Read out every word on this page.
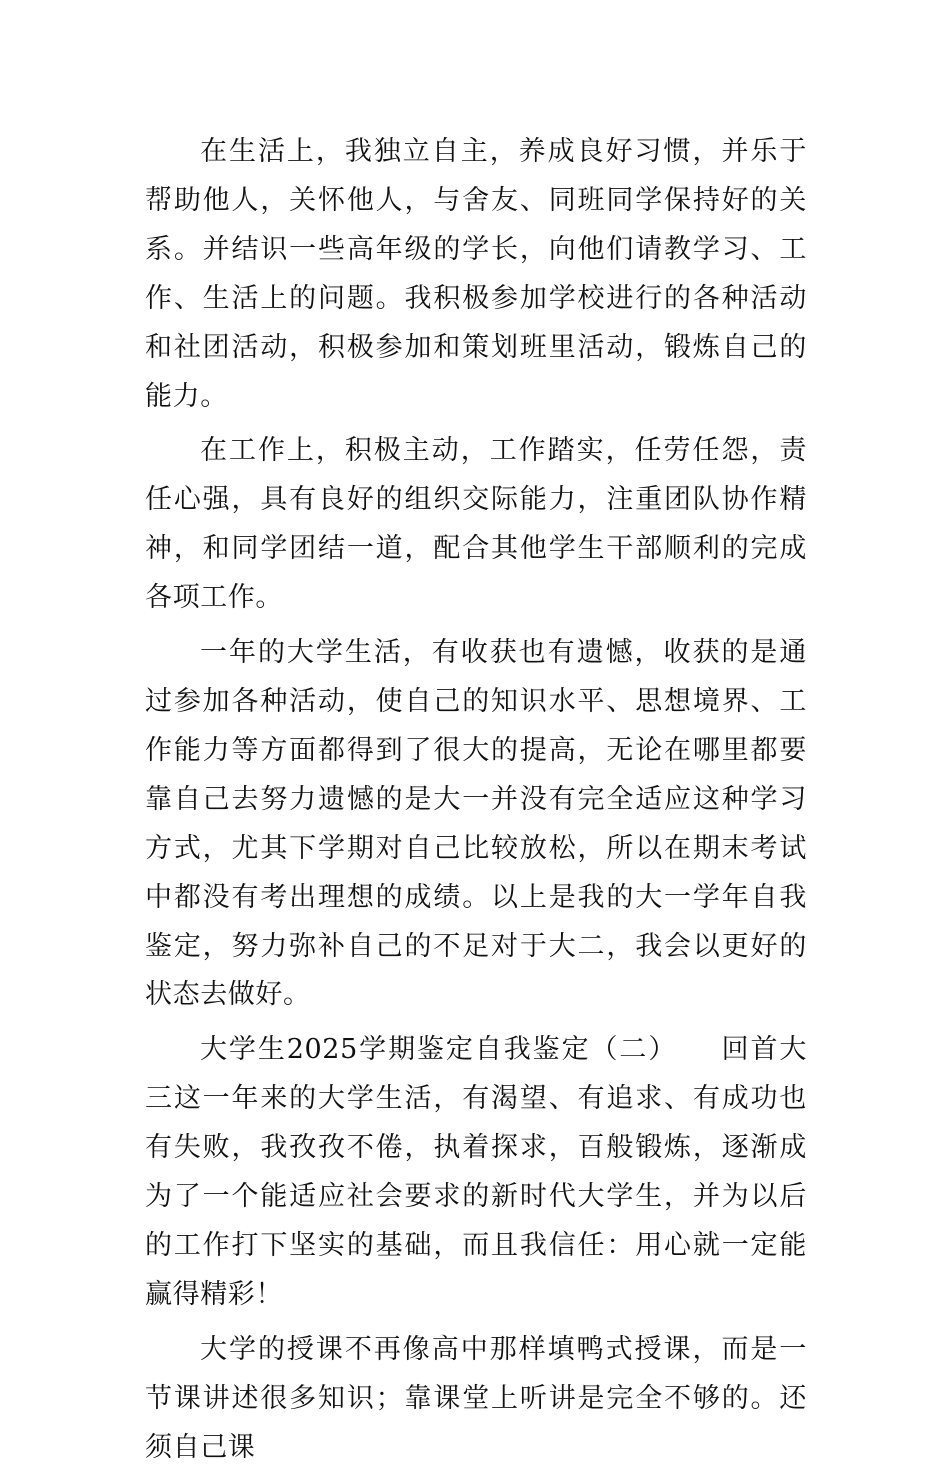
在生活上，我独立自主，养成良好习惯，并乐于帮助他人，关怀他人，与舍友、同班同学保持好的关系。并结识一些高年级的学长，向他们请教学习、工作、生活上的问题。我积极参加学校进行的各种活动和社团活动，积极参加和策划班里活动，锻炼自己的能力。

在工作上，积极主动，工作踏实，任劳任怨，责任心强，具有良好的组织交际能力，注重团队协作精神，和同学团结一道，配合其他学生干部顺利的完成各项工作。

一年的大学生活，有收获也有遗憾，收获的是通过参加各种活动，使自己的知识水平、思想境界、工作能力等方面都得到了很大的提高，无论在哪里都要靠自己去努力遗憾的是大一并没有完全适应这种学习方式，尤其下学期对自己比较放松，所以在期末考试中都没有考出理想的成绩。以上是我的大一学年自我鉴定，努力弥补自己的不足对于大二，我会以更好的状态去做好。

大学生2025学期鉴定自我鉴定（二）　　回首大三这一年来的大学生活，有渴望、有追求、有成功也有失败，我孜孜不倦，执着探求，百般锻炼，逐渐成为了一个能适应社会要求的新时代大学生，并为以后的工作打下坚实的基础，而且我信任：用心就一定能赢得精彩！

大学的授课不再像高中那样填鸭式授课，而是一节课讲述很多知识；靠课堂上听讲是完全不够的。还须自己课
